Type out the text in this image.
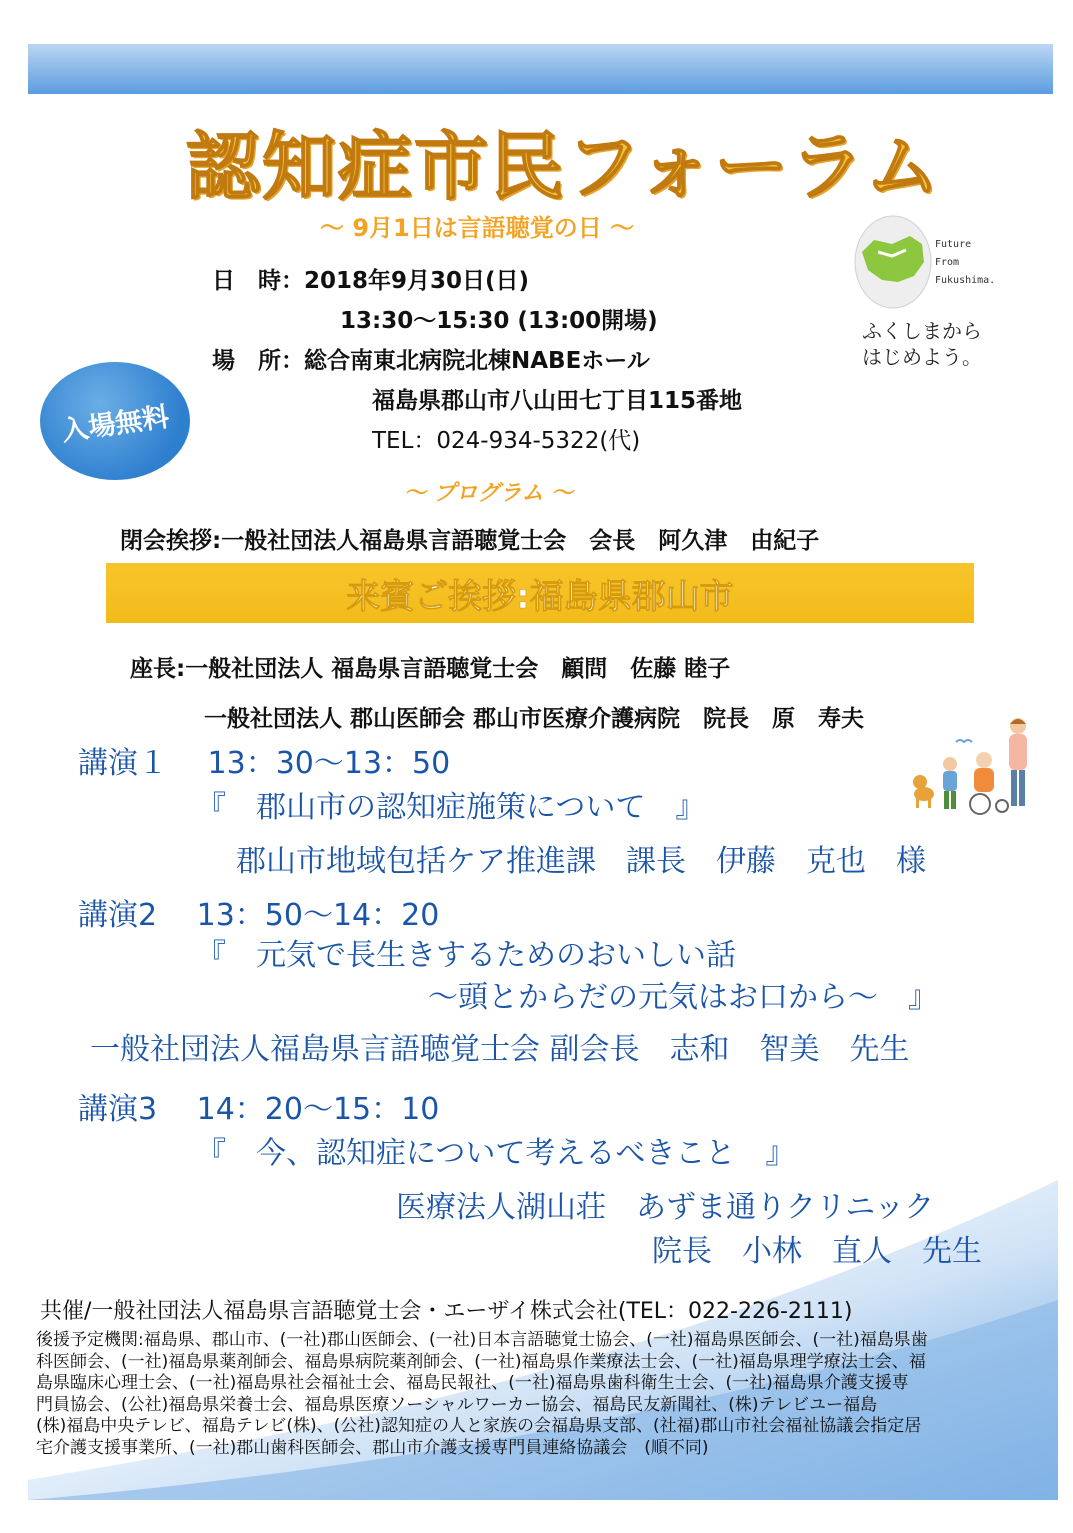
認知症市民フォーラム
～ 9月1日は言語聴覚の日 ～
日　時：2018年9月30日(日)
13:30～15:30 (13:00開場)
場　所：総合南東北病院北棟NABEホール
福島県郡山市八山田七丁目115番地
TEL：024-934-5322(代)
入場無料
Future
From
Fukushima.
ふくしまから
はじめよう。
～ プログラム ～
閉会挨拶:一般社団法人福島県言語聴覚士会　会長　阿久津　由紀子
来賓ご挨拶:福島県郡山市
座長:一般社団法人 福島県言語聴覚士会　顧問　佐藤 睦子
一般社団法人 郡山医師会 郡山市医療介護病院　院長　原　寿夫
講演１　 13：30～13：50
『　郡山市の認知症施策について　』
郡山市地域包括ケア推進課　課長　伊藤　克也　様
講演2　 13：50～14：20
『　元気で長生きするためのおいしい話
～頭とからだの元気はお口から～　』
一般社団法人福島県言語聴覚士会 副会長　志和　智美　先生
講演3　 14：20～15：10
『　今、認知症について考えるべきこと　』
医療法人湖山荘　あずま通りクリニック
院長　小林　直人　先生
共催/一般社団法人福島県言語聴覚士会・エーザイ株式会社(TEL：022-226-2111)
後援予定機関:福島県、郡山市、(一社)郡山医師会、(一社)日本言語聴覚士協会、(一社)福島県医師会、(一社)福島県歯
科医師会、(一社)福島県薬剤師会、福島県病院薬剤師会、(一社)福島県作業療法士会、(一社)福島県理学療法士会、福
島県臨床心理士会、(一社)福島県社会福祉士会、福島民報社、(一社)福島県歯科衛生士会、(一社)福島県介護支援専
門員協会、(公社)福島県栄養士会、福島県医療ソーシャルワーカー協会、福島民友新聞社、(株)テレビユー福島
(株)福島中央テレビ、福島テレビ(株)、(公社)認知症の人と家族の会福島県支部、(社福)郡山市社会福祉協議会指定居
宅介護支援事業所、(一社)郡山歯科医師会、郡山市介護支援専門員連絡協議会　(順不同)
